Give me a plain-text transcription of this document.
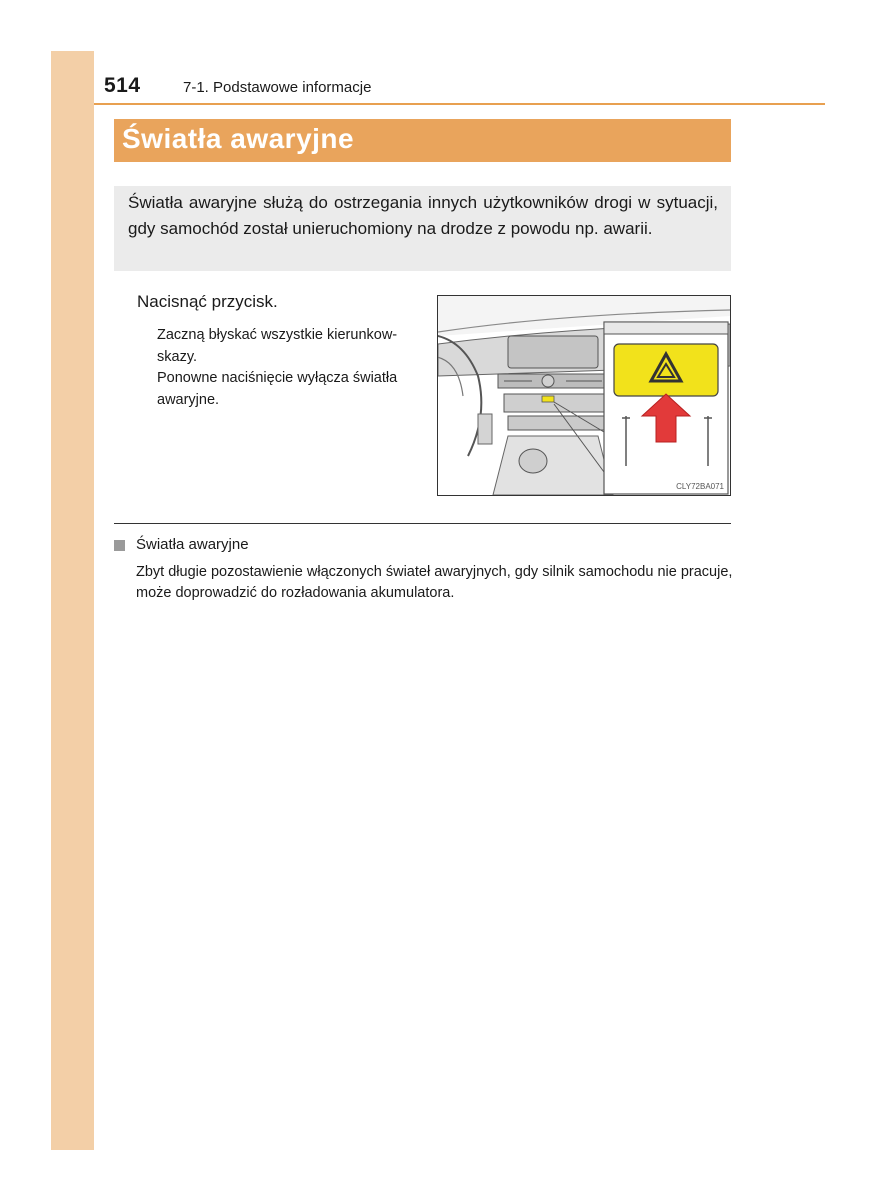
514	7-1. Podstawowe informacje
Światła awaryjne
Światła awaryjne służą do ostrzegania innych użytkowników drogi w sytuacji, gdy samochód został unieruchomiony na drodze z powodu np. awarii.
Nacisnąć przycisk.
Zaczną błyskać wszystkie kierunkow-
skazy.
Ponowne naciśnięcie wyłącza światła
awaryjne.
CLY72BA071
Światła awaryjne
Zbyt długie pozostawienie włączonych świateł awaryjnych, gdy silnik samochodu nie pracuje, może doprowadzić do rozładowania akumulatora.
